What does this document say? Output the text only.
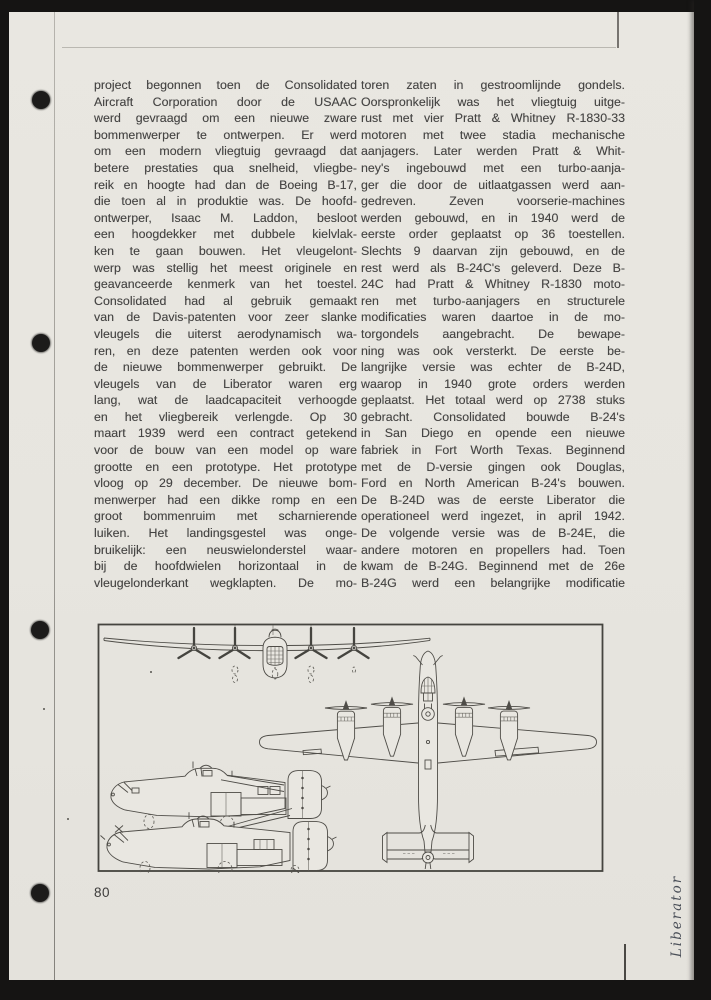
project begonnen toen de Consolidated
Aircraft Corporation door de USAAC
werd gevraagd om een nieuwe zware
bommenwerper te ontwerpen. Er werd
om een modern vliegtuig gevraagd dat
betere prestaties qua snelheid, vliegbe-
reik en hoogte had dan de Boeing B-17,
die toen al in produktie was. De hoofd-
ontwerper, Isaac M. Laddon, besloot
een hoogdekker met dubbele kielvlak-
ken te gaan bouwen. Het vleugelont-
werp was stellig het meest originele en
geavanceerde kenmerk van het toestel.
Consolidated had al gebruik gemaakt
van de Davis-patenten voor zeer slanke
vleugels die uiterst aerodynamisch wa-
ren, en deze patenten werden ook voor
de nieuwe bommenwerper gebruikt. De
vleugels van de Liberator waren erg
lang, wat de laadcapaciteit verhoogde
en het vliegbereik verlengde. Op 30
maart 1939 werd een contract getekend
voor de bouw van een model op ware
grootte en een prototype. Het prototype
vloog op 29 december. De nieuwe bom-
menwerper had een dikke romp en een
groot bommenruim met scharnierende
luiken. Het landingsgestel was onge-
bruikelijk: een neuswielonderstel waar-
bij de hoofdwielen horizontaal in de
vleugelonderkant wegklapten. De mo-
toren zaten in gestroomlijnde gondels.
Oorspronkelijk was het vliegtuig uitge-
rust met vier Pratt & Whitney R-1830-33
motoren met twee stadia mechanische
aanjagers. Later werden Pratt & Whit-
ney's ingebouwd met een turbo-aanja-
ger die door de uitlaatgassen werd aan-
gedreven. Zeven voorserie-machines
werden gebouwd, en in 1940 werd de
eerste order geplaatst op 36 toestellen.
Slechts 9 daarvan zijn gebouwd, en de
rest werd als B-24C's geleverd. Deze B-
24C had Pratt & Whitney R-1830 moto-
ren met turbo-aanjagers en structurele
modificaties waren daartoe in de mo-
torgondels aangebracht. De bewape-
ning was ook versterkt. De eerste be-
langrijke versie was echter de B-24D,
waarop in 1940 grote orders werden
geplaatst. Het totaal werd op 2738 stuks
gebracht. Consolidated bouwde B-24's
in San Diego en opende een nieuwe
fabriek in Fort Worth Texas. Beginnend
met de D-versie gingen ook Douglas,
Ford en North American B-24's bouwen.
De B-24D was de eerste Liberator die
operationeel werd ingezet, in april 1942.
De volgende versie was de B-24E, die
andere motoren en propellers had. Toen
kwam de B-24G. Beginnend met de 26e
B-24G werd een belangrijke modificatie
80	Liberator
